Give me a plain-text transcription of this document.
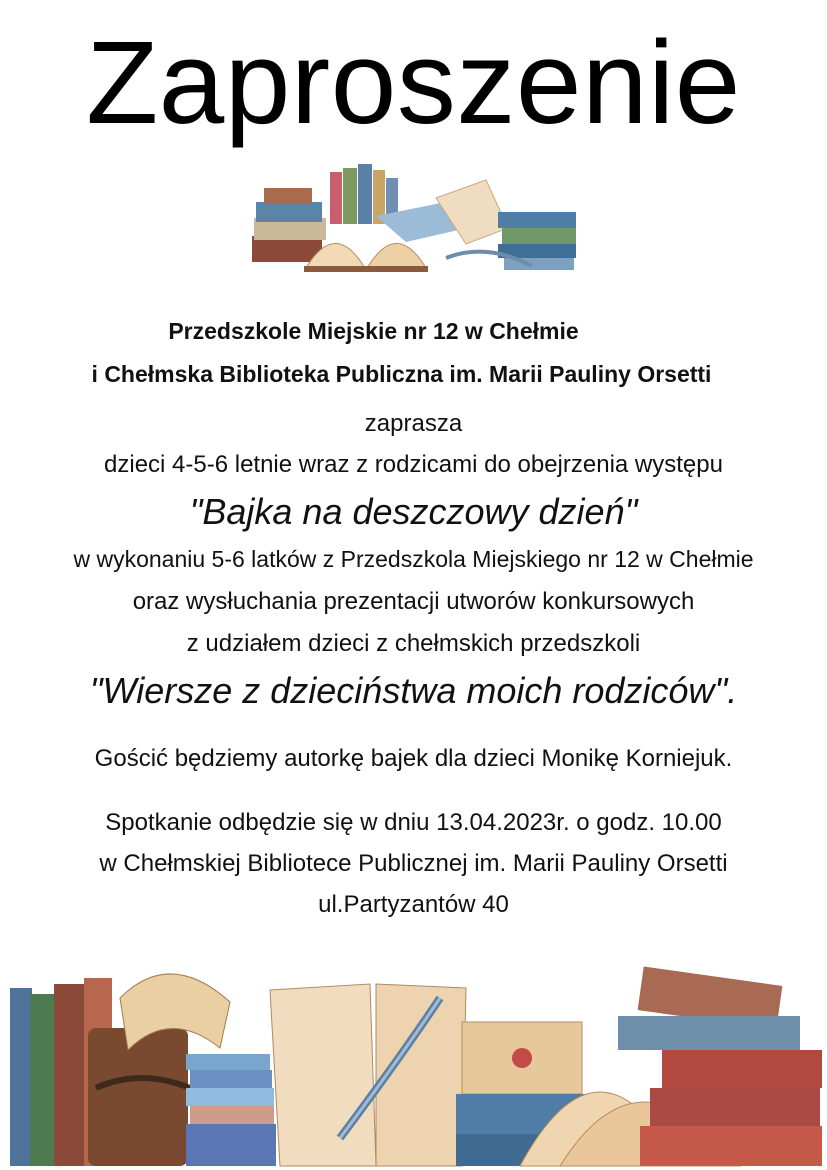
Zaproszenie
Przedszkole Miejskie nr 12 w Chełmie
i Chełmska Biblioteka Publiczna im. Marii Pauliny Orsetti
zaprasza
dzieci 4-5-6 letnie wraz z rodzicami do obejrzenia występu
"Bajka na deszczowy dzień"
w wykonaniu 5-6 latków z Przedszkola Miejskiego nr 12 w Chełmie
oraz wysłuchania prezentacji utworów konkursowych
z udziałem dzieci z chełmskich przedszkoli
"Wiersze z dzieciństwa moich rodziców".
Gościć będziemy autorkę bajek dla dzieci Monikę Korniejuk.
Spotkanie odbędzie się w dniu 13.04.2023r. o godz. 10.00
w Chełmskiej Bibliotece Publicznej im. Marii Pauliny Orsetti
ul.Partyzantów 40
